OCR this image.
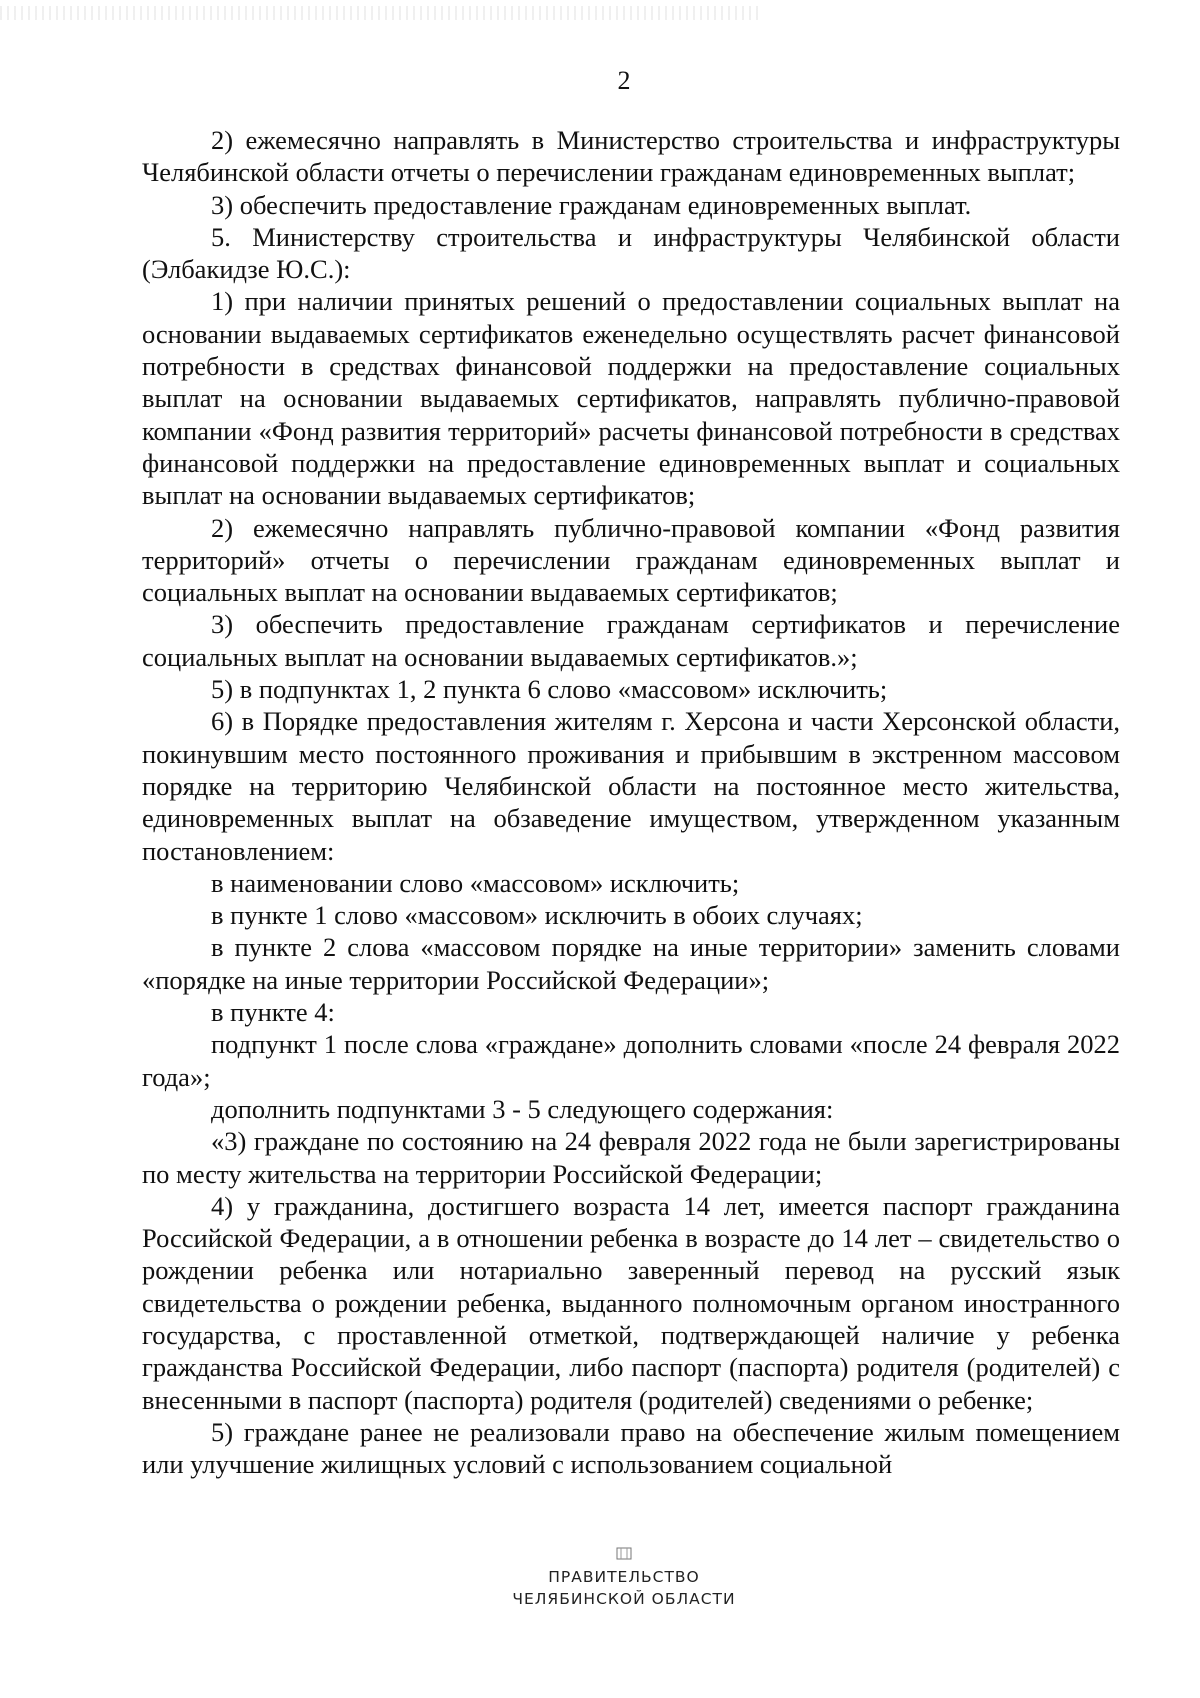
2

2) ежемесячно направлять в Министерство строительства и инфраструктуры Челябинской области отчеты о перечислении гражданам единовременных выплат;

3) обеспечить предоставление гражданам единовременных выплат.

5. Министерству строительства и инфраструктуры Челябинской области (Элбакидзе Ю.С.):

1) при наличии принятых решений о предоставлении социальных выплат на основании выдаваемых сертификатов еженедельно осуществлять расчет финансовой потребности в средствах финансовой поддержки на предоставление социальных выплат на основании выдаваемых сертификатов, направлять публично-правовой компании «Фонд развития территорий» расчеты финансовой потребности в средствах финансовой поддержки на предоставление единовременных выплат и социальных выплат на основании выдаваемых сертификатов;

2) ежемесячно направлять публично-правовой компании «Фонд развития территорий» отчеты о перечислении гражданам единовременных выплат и социальных выплат на основании выдаваемых сертификатов;

3) обеспечить предоставление гражданам сертификатов и перечисление социальных выплат на основании выдаваемых сертификатов.»;

5) в подпунктах 1, 2 пункта 6 слово «массовом» исключить;

6) в Порядке предоставления жителям г. Херсона и части Херсонской области, покинувшим место постоянного проживания и прибывшим в экстренном массовом порядке на территорию Челябинской области на постоянное место жительства, единовременных выплат на обзаведение имуществом, утвержденном указанным постановлением:

в наименовании слово «массовом» исключить;

в пункте 1 слово «массовом» исключить в обоих случаях;

в пункте 2 слова «массовом порядке на иные территории» заменить словами «порядке на иные территории Российской Федерации»;

в пункте 4:

подпункт 1 после слова «граждане» дополнить словами «после 24 февраля 2022 года»;

дополнить подпунктами 3 - 5 следующего содержания:

«3) граждане по состоянию на 24 февраля 2022 года не были зарегистрированы по месту жительства на территории Российской Федерации;

4) у гражданина, достигшего возраста 14 лет, имеется паспорт гражданина Российской Федерации, а в отношении ребенка в возрасте до 14 лет – свидетельство о рождении ребенка или нотариально заверенный перевод на русский язык свидетельства о рождении ребенка, выданного полномочным органом иностранного государства, с проставленной отметкой, подтверждающей наличие у ребенка гражданства Российской Федерации, либо паспорт (паспорта) родителя (родителей) с внесенными в паспорт (паспорта) родителя (родителей) сведениями о ребенке;

5) граждане ранее не реализовали право на обеспечение жилым помещением или улучшение жилищных условий с использованием социальной

ПРАВИТЕЛЬСТВО
ЧЕЛЯБИНСКОЙ ОБЛАСТИ
